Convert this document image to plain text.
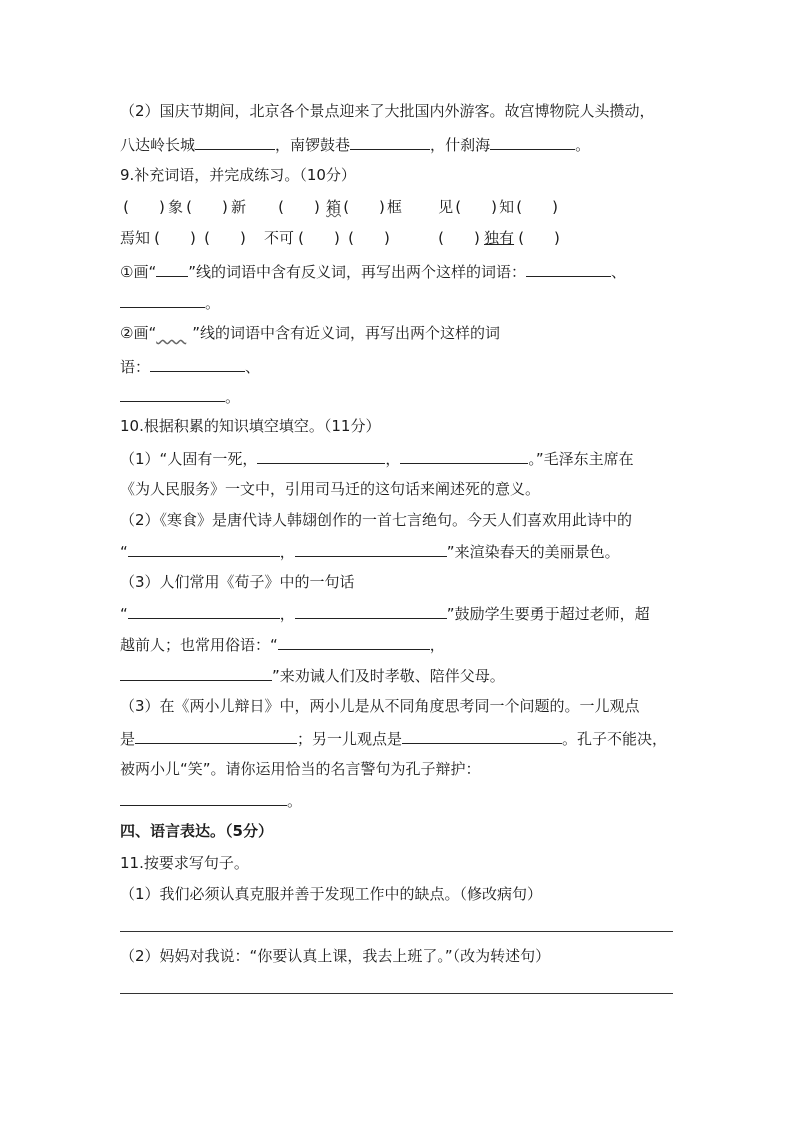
（2）国庆节期间，北京各个景点迎来了大批国内外游客。故宫博物院人头攒动，
八达岭长城	，南锣鼓巷	，什刹海	。
9.补充词语，并完成练习。（10分）
(  ) 象 (  ) 新 (  ) 箱 (  ) 框 见 (  ) 知 (  )
焉知 (  ) (  ) 不可 (  ) (  )	(  ) 独有 (  )
①画“ ”线的词语中含有反义词，再写出两个这样的词语：	、
。
②画“   ”线的词语中含有近义词，再写出两个这样的词
语：	、
。
10.根据积累的知识填空填空。（11分）
（1）“人固有一死，	，	。”毛泽东主席在
《为人民服务》一文中，引用司马迁的这句话来阐述死的意义。
（2）《寒食》是唐代诗人韩翃创作的一首七言绝句。今天人们喜欢用此诗中的
“	，	”来渲染春天的美丽景色。
（3）人们常用《荀子》中的一句话
“	，	”鼓励学生要勇于超过老师，超
越前人；也常用俗语：“	，
”来劝诫人们及时孝敬、陪伴父母。
（3）在《两小儿辩日》中，两小儿是从不同角度思考同一个问题的。一儿观点
是	；另一儿观点是	。孔子不能决，
被两小儿“笑”。请你运用恰当的名言警句为孔子辩护：
。
四、语言表达。（5分）
11.按要求写句子。
（1）我们必须认真克服并善于发现工作中的缺点。（修改病句）
（2）妈妈对我说：“你要认真上课，我去上班了。”（改为转述句）
